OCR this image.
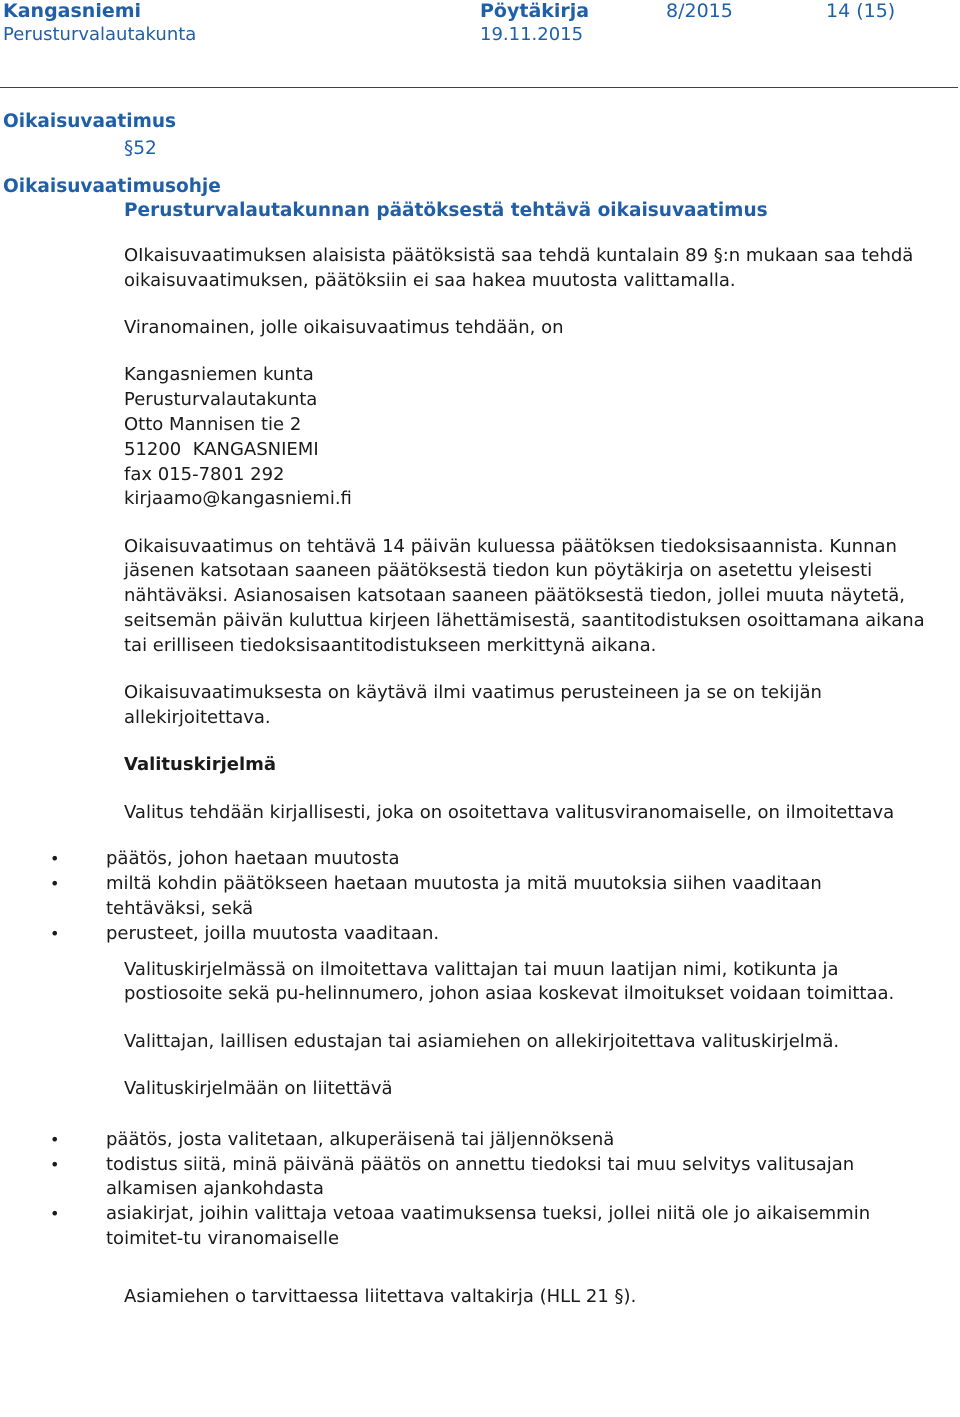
Kangasniemi
Perusturvalautakunta
Pöytäkirja
19.11.2015
8/2015	14 (15)

Oikaisuvaatimus

§52

Oikaisuvaatimusohje

Perusturvalautakunnan päätöksestä tehtävä oikaisuvaatimus

OIkaisuvaatimuksen alaisista päätöksistä saa tehdä kuntalain 89 §:n mukaan saa tehdä oikaisuvaatimuksen, päätöksiin ei saa hakea muutosta valittamalla.

Viranomainen, jolle oikaisuvaatimus tehdään, on

Kangasniemen kunta

Perusturvalautakunta

Otto Mannisen tie 2

51200  KANGASNIEMI

fax 015-7801 292

kirjaamo@kangasniemi.fi

Oikaisuvaatimus on tehtävä 14 päivän kuluessa päätöksen tiedoksisaannista. Kunnan jäsenen katsotaan saaneen päätöksestä tiedon kun pöytäkirja on asetettu yleisesti nähtäväksi. Asianosaisen katsotaan saaneen päätöksestä tiedon, jollei muuta näytetä, seitsemän päivän kuluttua kirjeen lähettämisestä, saantitodistuksen osoittamana aikana tai erilliseen tiedoksisaantitodistukseen merkittynä aikana.

Oikaisuvaatimuksesta on käytävä ilmi vaatimus perusteineen ja se on tekijän allekirjoitettava.

Valituskirjelmä

Valitus tehdään kirjallisesti, joka on osoitettava valitusviranomaiselle, on ilmoitettava

• päätös, johon haetaan muutosta
• miltä kohdin päätökseen haetaan muutosta ja mitä muutoksia siihen vaaditaan tehtäväksi, sekä
• perusteet, joilla muutosta vaaditaan.

Valituskirjelmässä on ilmoitettava valittajan tai muun laatijan nimi, kotikunta ja postiosoite sekä pu-helinnumero, johon asiaa koskevat ilmoitukset voidaan toimittaa.

Valittajan, laillisen edustajan tai asiamiehen on allekirjoitettava valituskirjelmä.

Valituskirjelmään on liitettävä

• päätös, josta valitetaan, alkuperäisenä tai jäljennöksenä
• todistus siitä, minä päivänä päätös on annettu tiedoksi tai muu selvitys valitusajan alkamisen ajankohdasta
• asiakirjat, joihin valittaja vetoaa vaatimuksensa tueksi, jollei niitä ole jo aikaisemmin toimitet-tu viranomaiselle

Asiamiehen o tarvittaessa liitettava valtakirja (HLL 21 §).
